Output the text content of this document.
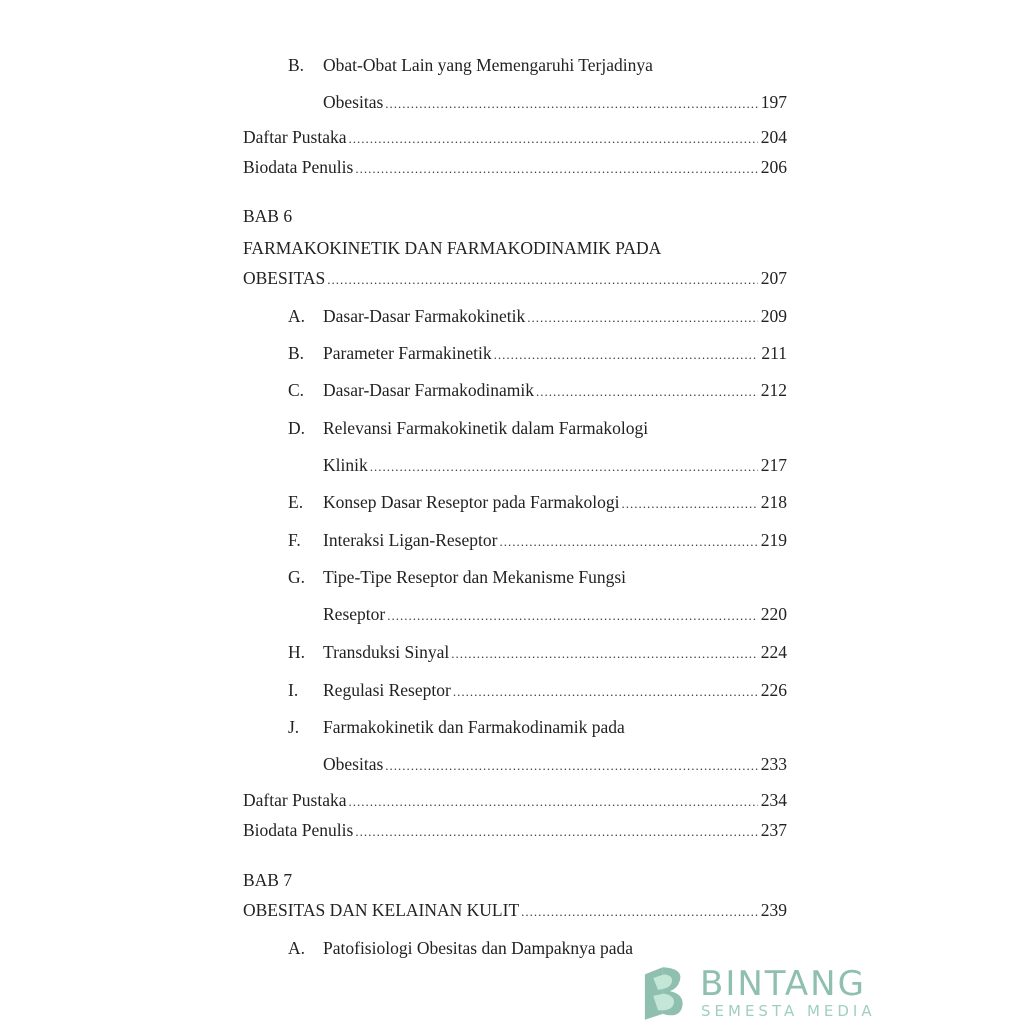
B. Obat-Obat Lain yang Memengaruhi Terjadinya
Obesitas .....	197
Daftar Pustaka .....	204
Biodata Penulis .....	206
BAB 6
FARMAKOKINETIK DAN FARMAKODINAMIK PADA
OBESITAS .....	207
A. Dasar-Dasar Farmakokinetik .....	209
B. Parameter Farmakinetik .....	211
C. Dasar-Dasar Farmakodinamik .....	212
D. Relevansi Farmakokinetik dalam Farmakologi
Klinik .....	217
E. Konsep Dasar Reseptor pada Farmakologi .....	218
F. Interaksi Ligan-Reseptor .....	219
G. Tipe-Tipe Reseptor dan Mekanisme Fungsi
Reseptor .....	220
H. Transduksi Sinyal .....	224
I. Regulasi Reseptor .....	226
J. Farmakokinetik dan Farmakodinamik pada
Obesitas .....	233
Daftar Pustaka .....	234
Biodata Penulis .....	237
BAB 7
OBESITAS DAN KELAINAN KULIT .....	239
A. Patofisiologi Obesitas dan Dampaknya pada
BINTANG
SEMESTA MEDIA
